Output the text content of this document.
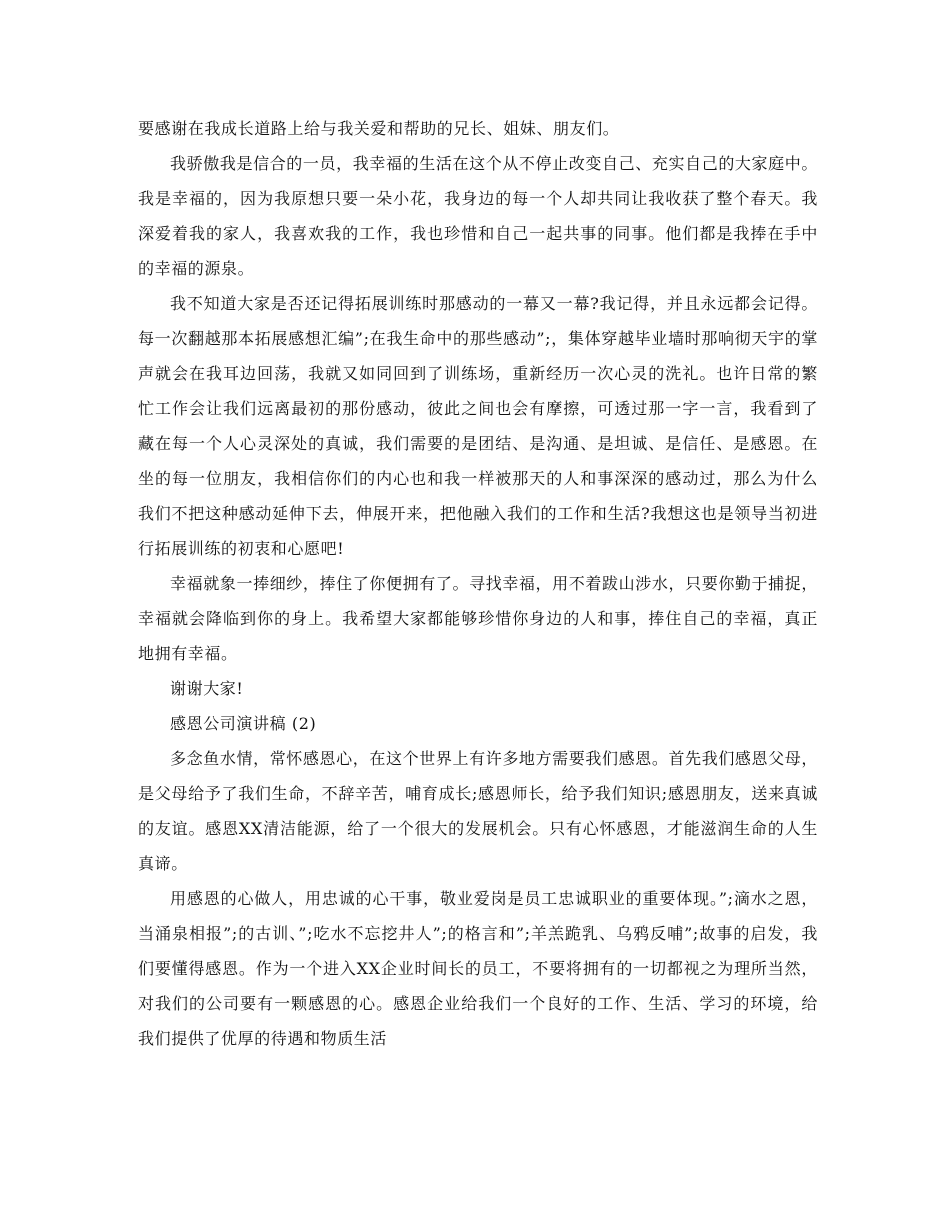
要感谢在我成长道路上给与我关爱和帮助的兄长、姐妹、朋友们。

我骄傲我是信合的一员，我幸福的生活在这个从不停止改变自己、充实自己的大家庭中。我是幸福的，因为我原想只要一朵小花，我身边的每一个人却共同让我收获了整个春天。我深爱着我的家人，我喜欢我的工作，我也珍惜和自己一起共事的同事。他们都是我捧在手中的幸福的源泉。

我不知道大家是否还记得拓展训练时那感动的一幕又一幕?我记得，并且永远都会记得。每一次翻越那本拓展感想汇编”;在我生命中的那些感动”;，集体穿越毕业墙时那响彻天宇的掌声就会在我耳边回荡，我就又如同回到了训练场，重新经历一次心灵的洗礼。也许日常的繁忙工作会让我们远离最初的那份感动，彼此之间也会有摩擦，可透过那一字一言，我看到了藏在每一个人心灵深处的真诚，我们需要的是团结、是沟通、是坦诚、是信任、是感恩。在坐的每一位朋友，我相信你们的内心也和我一样被那天的人和事深深的感动过，那么为什么我们不把这种感动延伸下去，伸展开来，把他融入我们的工作和生活?我想这也是领导当初进行拓展训练的初衷和心愿吧!

幸福就象一捧细纱，捧住了你便拥有了。寻找幸福，用不着跋山涉水，只要你勤于捕捉，幸福就会降临到你的身上。我希望大家都能够珍惜你身边的人和事，捧住自己的幸福，真正地拥有幸福。

谢谢大家!

感恩公司演讲稿 (2)

多念鱼水情，常怀感恩心，在这个世界上有许多地方需要我们感恩。首先我们感恩父母，是父母给予了我们生命，不辞辛苦，哺育成长;感恩师长，给予我们知识;感恩朋友，送来真诚的友谊。感恩XX清洁能源，给了一个很大的发展机会。只有心怀感恩，才能滋润生命的人生真谛。

用感恩的心做人，用忠诚的心干事，敬业爱岗是员工忠诚职业的重要体现。”;滴水之恩，当涌泉相报”;的古训、”;吃水不忘挖井人”;的格言和”;羊羔跪乳、乌鸦反哺”;故事的启发，我们要懂得感恩。作为一个进入XX企业时间长的员工，不要将拥有的一切都视之为理所当然，对我们的公司要有一颗感恩的心。感恩企业给我们一个良好的工作、生活、学习的环境，给我们提供了优厚的待遇和物质生活
